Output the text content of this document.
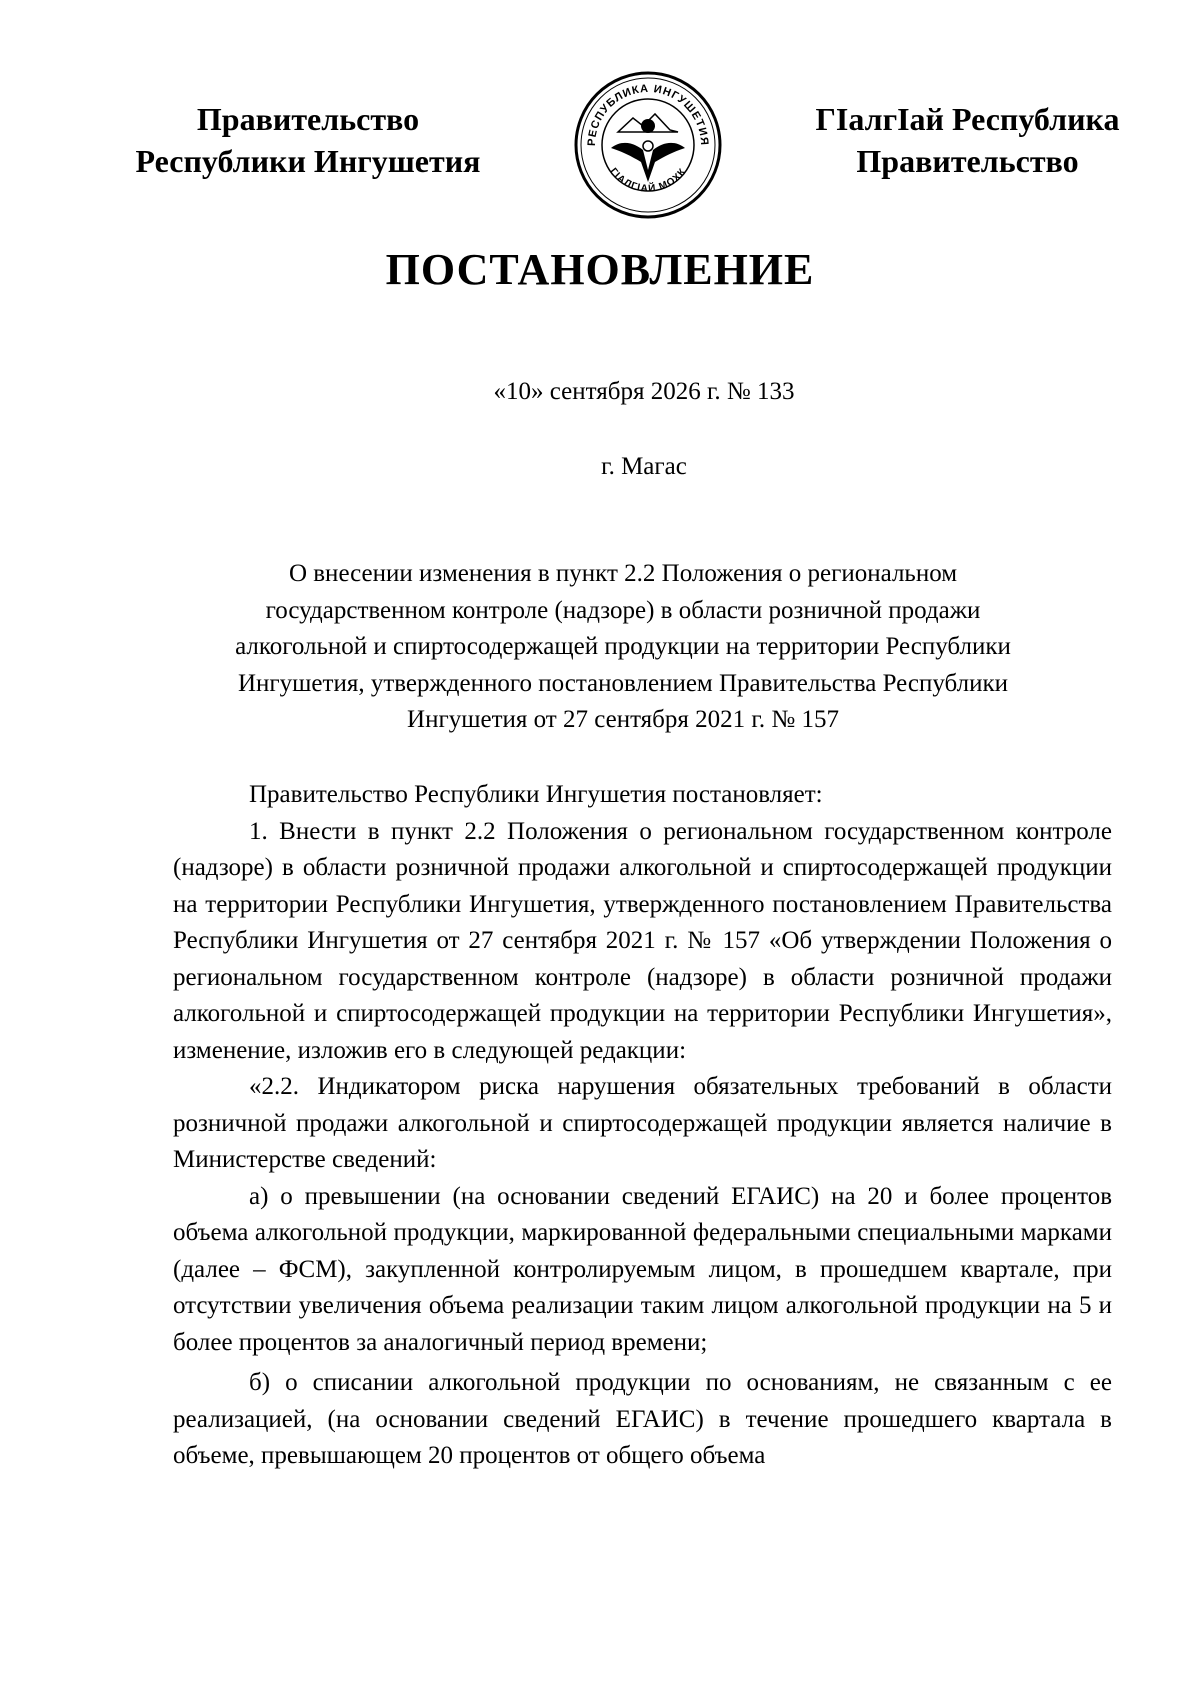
Правительство
Республики Ингушетия
РЕСПУБЛИКА ИНГУШЕТИЯ
ГIАЛГIАЙ МОХК
ГIалгIай Республика
Правительство
ПОСТАНОВЛЕНИЕ
«10» сентября 2026 г. № 133
г. Магас
О внесении изменения в пункт 2.2 Положения о региональном
государственном контроле (надзоре) в области розничной продажи
алкогольной и спиртосодержащей продукции на территории Республики
Ингушетия, утвержденного постановлением Правительства Республики
Ингушетия от 27 сентября 2021 г. № 157

Правительство Республики Ингушетия постановляет:

1. Внести в пункт 2.2 Положения о региональном государственном контроле (надзоре) в области розничной продажи алкогольной и спиртосодержащей продукции на территории Республики Ингушетия, утвержденного постановлением Правительства Республики Ингушетия от 27 сентября 2021 г. № 157 «Об утверждении Положения о региональном государственном контроле (надзоре) в области розничной продажи алкогольной и спиртосодержащей продукции на территории Республики Ингушетия», изменение, изложив его в следующей редакции:

«2.2. Индикатором риска нарушения обязательных требований в области розничной продажи алкогольной и спиртосодержащей продукции является наличие в Министерстве сведений:

а) о превышении (на основании сведений ЕГАИС) на 20 и более процентов объема алкогольной продукции, маркированной федеральными специальными марками (далее – ФСМ), закупленной контролируемым лицом, в прошедшем квартале, при отсутствии увеличения объема реализации таким лицом алкогольной продукции на 5 и более процентов за аналогичный период времени;

б) о списании алкогольной продукции по основаниям, не связанным с ее реализацией, (на основании сведений ЕГАИС) в течение прошедшего квартала в объеме, превышающем 20 процентов от общего объема
